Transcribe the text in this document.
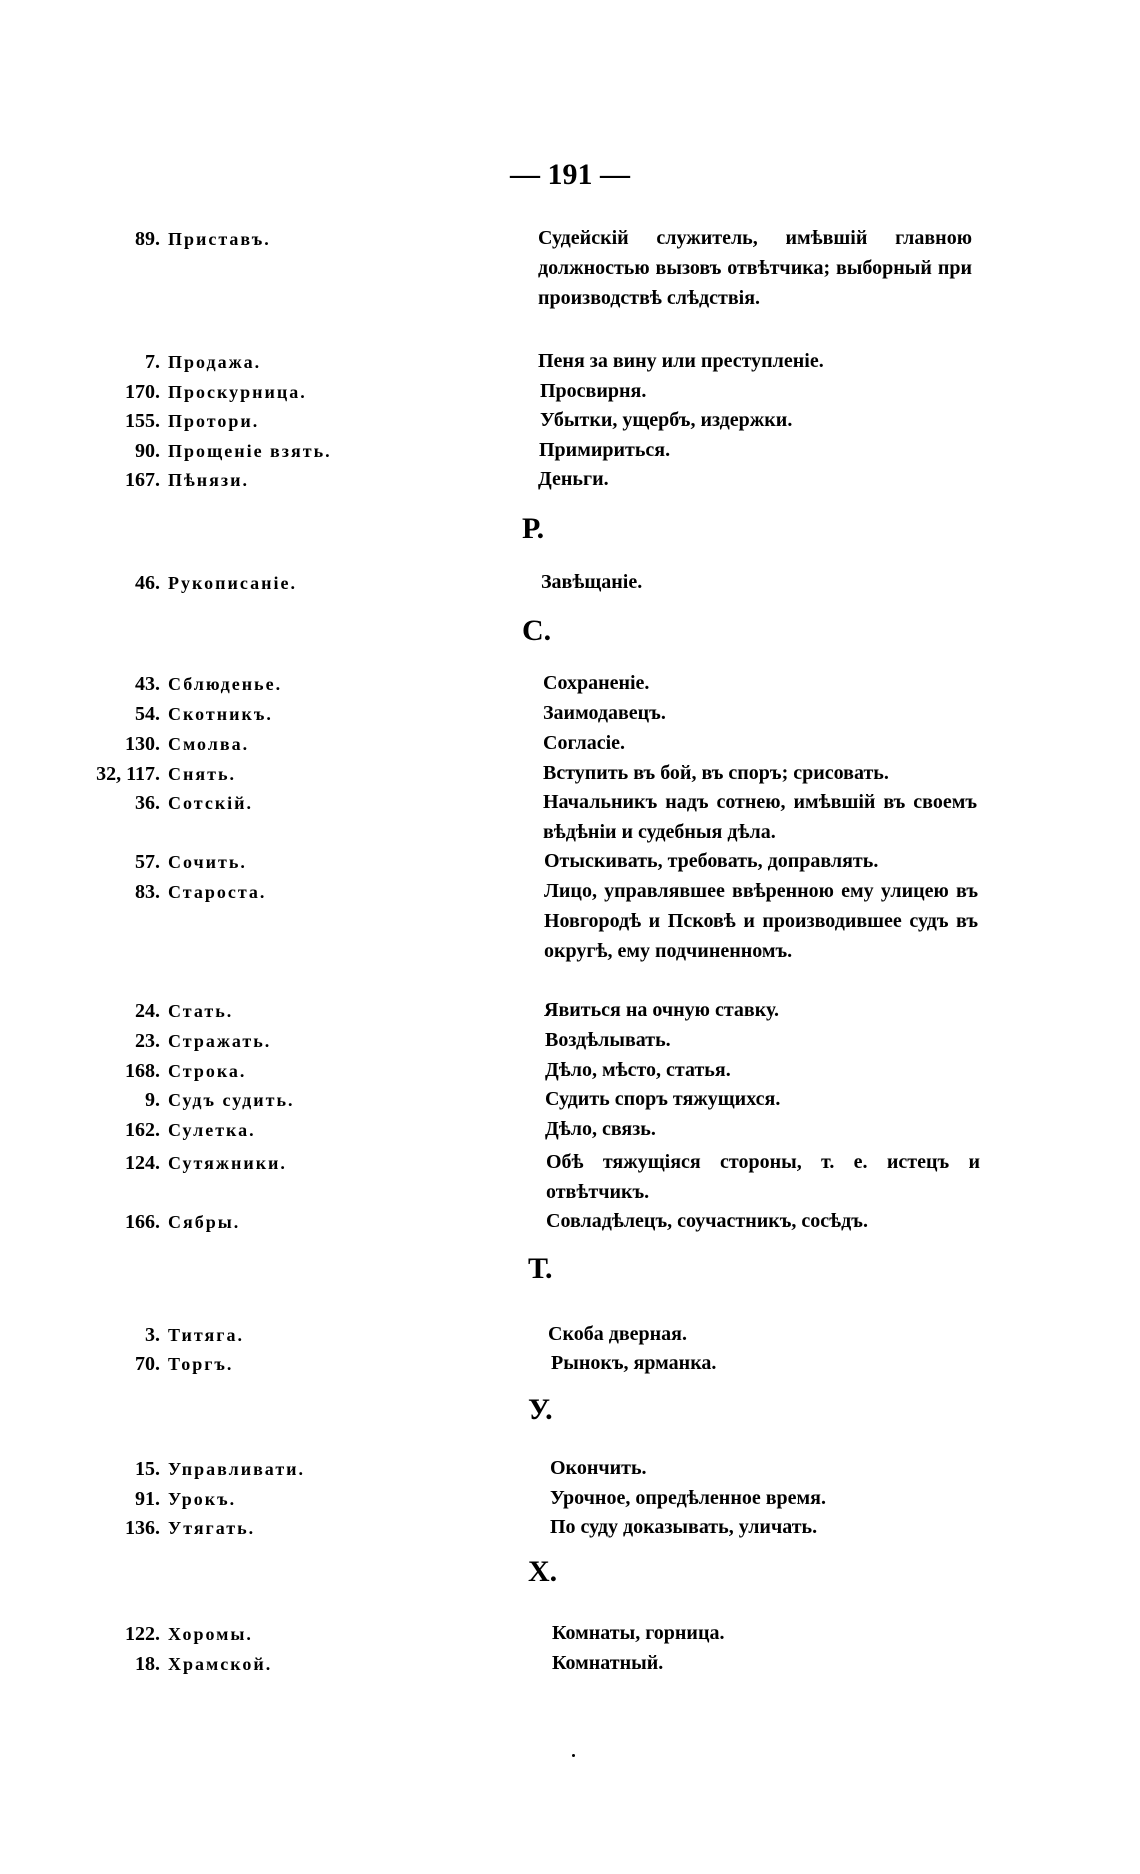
— 191 —
89. Приставъ.	Судейскій служитель, имѣвшій главною должностью вызовъ отвѣтчика; выборный при производствѣ слѣдствія.
7. Продажа.	Пеня за вину или преступленіе.
170. Проскурница.	Просвирня.
155. Протори.	Убытки, ущербъ, издержки.
90. Прощеніе взять.	Примириться.
167. Пѣнязи.	Деньги.
Р.
46. Рукописаніе.	Завѣщаніе.
С.
43. Сблюденье.	Сохраненіе.
54. Скотникъ.	Заимодавецъ.
130. Смолва.	Согласіе.
32, 117. Снять.	Вступить въ бой, въ споръ; срисовать.
36. Сотскій.	Начальникъ надъ сотнею, имѣвшій въ своемъ вѣдѣніи и судебныя дѣла.
57. Сочить.	Отыскивать, требовать, доправлять.
83. Староста.	Лицо, управлявшее ввѣренною ему улицею въ Новгородѣ и Псковѣ и производившее судъ въ округѣ, ему подчиненномъ.
24. Стать.	Явиться на очную ставку.
23. Стражать.	Воздѣлывать.
168. Строка.	Дѣло, мѣсто, статья.
9. Судъ судить.	Судить споръ тяжущихся.
162. Сулетка.	Дѣло, связь.
124. Сутяжники.	Обѣ тяжущіяся стороны, т. е. истецъ и отвѣтчикъ.
166. Сябры.	Совладѣлецъ, соучастникъ, сосѣдъ.
Т.
3. Титяга.	Скоба дверная.
70. Торгъ.	Рынокъ, ярманка.
У.
15. Управливати.	Окончить.
91. Урокъ.	Урочное, опредѣленное время.
136. Утягать.	По суду доказывать, уличать.
Х.
122. Хоромы.	Комнаты, горница.
18. Храмской.	Комнатный.
